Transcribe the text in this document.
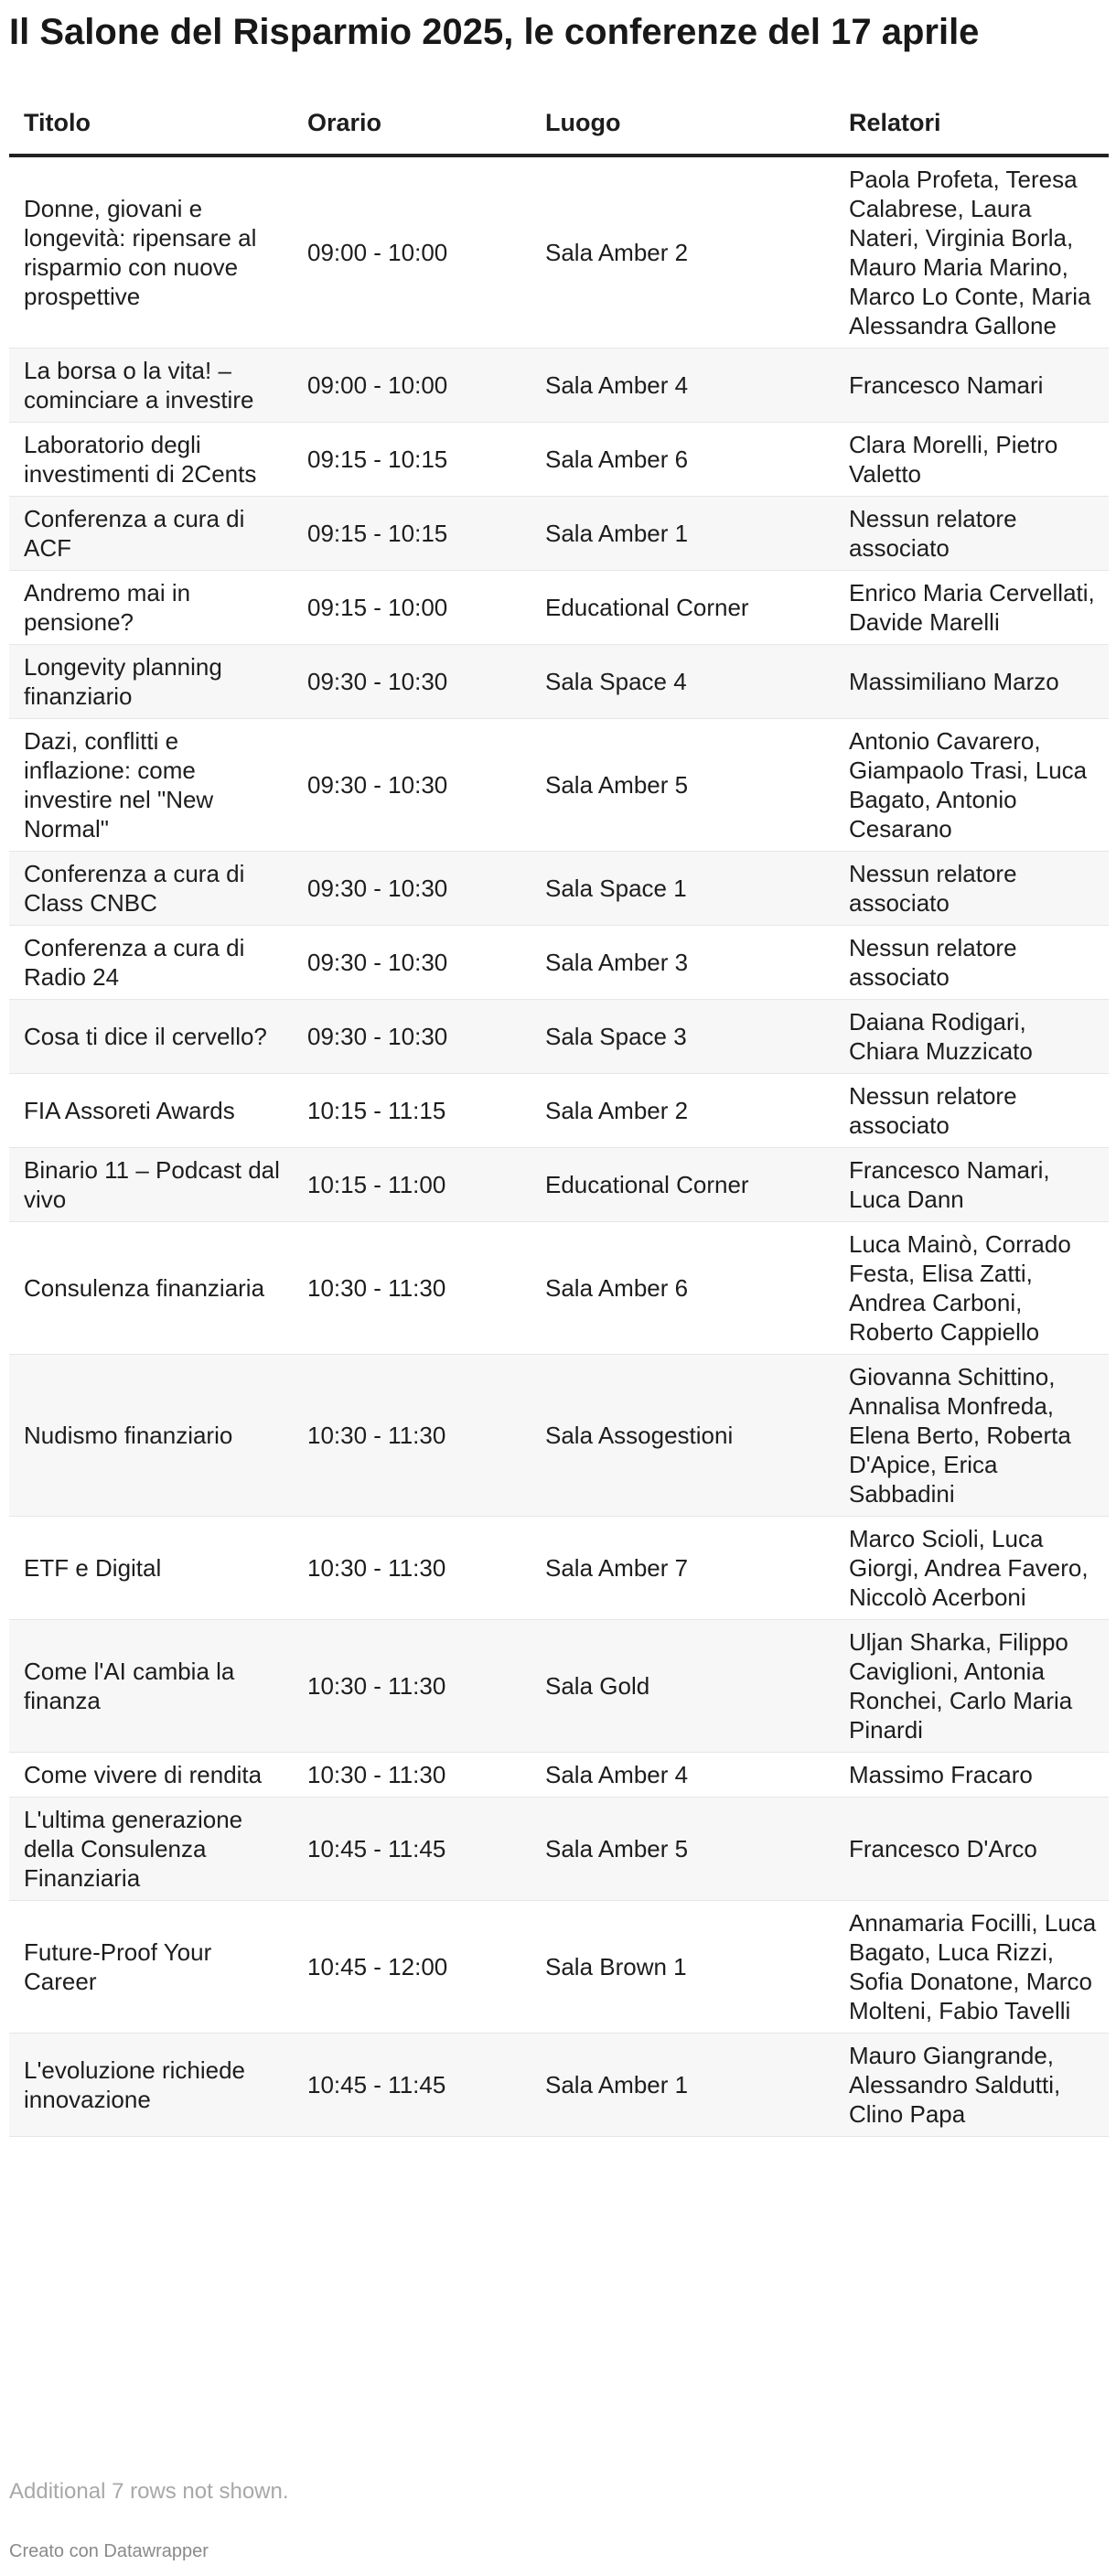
Il Salone del Risparmio 2025, le conferenze del 17 aprile
Titolo	Orario	Luogo	Relatori
Donne, giovani e longevità: ripensare al risparmio con nuove prospettive	09:00 - 10:00	Sala Amber 2	Paola Profeta, Teresa Calabrese, Laura Nateri, Virginia Borla, Mauro Maria Marino, Marco Lo Conte, Maria Alessandra Gallone
La borsa o la vita! – cominciare a investire	09:00 - 10:00	Sala Amber 4	Francesco Namari
Laboratorio degli investimenti di 2Cents	09:15 - 10:15	Sala Amber 6	Clara Morelli, Pietro Valetto
Conferenza a cura di ACF	09:15 - 10:15	Sala Amber 1	Nessun relatore associato
Andremo mai in pensione?	09:15 - 10:00	Educational Corner	Enrico Maria Cervellati, Davide Marelli
Longevity planning finanziario	09:30 - 10:30	Sala Space 4	Massimiliano Marzo
Dazi, conflitti e inflazione: come investire nel "New Normal"	09:30 - 10:30	Sala Amber 5	Antonio Cavarero, Giampaolo Trasi, Luca Bagato, Antonio Cesarano
Conferenza a cura di Class CNBC	09:30 - 10:30	Sala Space 1	Nessun relatore associato
Conferenza a cura di Radio 24	09:30 - 10:30	Sala Amber 3	Nessun relatore associato
Cosa ti dice il cervello?	09:30 - 10:30	Sala Space 3	Daiana Rodigari, Chiara Muzzicato
FIA Assoreti Awards	10:15 - 11:15	Sala Amber 2	Nessun relatore associato
Binario 11 – Podcast dal vivo	10:15 - 11:00	Educational Corner	Francesco Namari, Luca Dann
Consulenza finanziaria	10:30 - 11:30	Sala Amber 6	Luca Mainò, Corrado Festa, Elisa Zatti, Andrea Carboni, Roberto Cappiello
Nudismo finanziario	10:30 - 11:30	Sala Assogestioni	Giovanna Schittino, Annalisa Monfreda, Elena Berto, Roberta D'Apice, Erica Sabbadini
ETF e Digital	10:30 - 11:30	Sala Amber 7	Marco Scioli, Luca Giorgi, Andrea Favero, Niccolò Acerboni
Come l'AI cambia la finanza	10:30 - 11:30	Sala Gold	Uljan Sharka, Filippo Caviglioni, Antonia Ronchei, Carlo Maria Pinardi
Come vivere di rendita	10:30 - 11:30	Sala Amber 4	Massimo Fracaro
L'ultima generazione della Consulenza Finanziaria	10:45 - 11:45	Sala Amber 5	Francesco D'Arco
Future-Proof Your Career	10:45 - 12:00	Sala Brown 1	Annamaria Focilli, Luca Bagato, Luca Rizzi, Sofia Donatone, Marco Molteni, Fabio Tavelli
L'evoluzione richiede innovazione	10:45 - 11:45	Sala Amber 1	Mauro Giangrande, Alessandro Saldutti, Clino Papa
Additional 7 rows not shown.
Creato con Datawrapper
